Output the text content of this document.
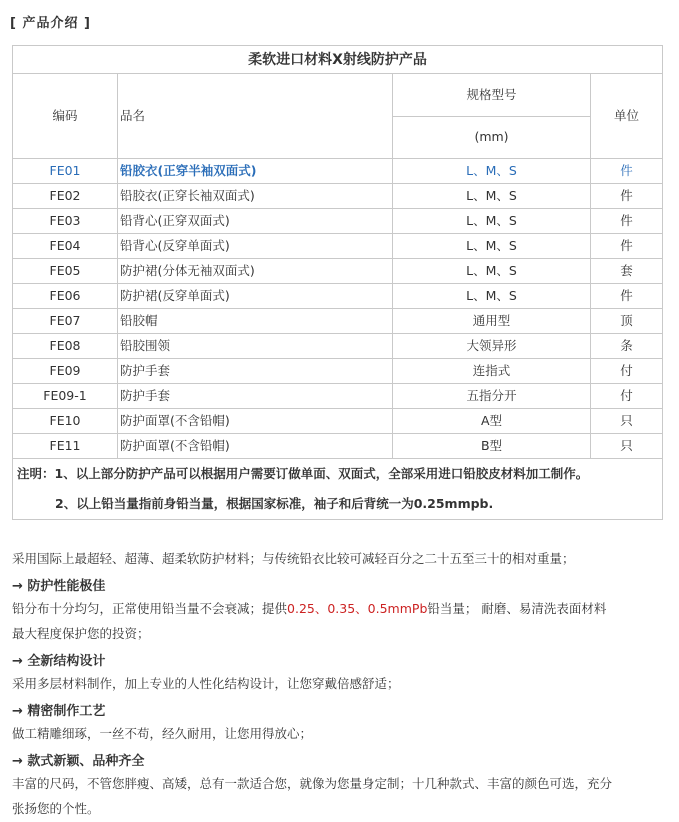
[ 产品介绍 ]
柔软进口材料X射线防护产品			
编码	品名	规格型号	单位
		(mm)	
FE01	铅胶衣(正穿半袖双面式)	L、M、S	件
FE02	铅胶衣(正穿长袖双面式)	L、M、S	件
FE03	铅背心(正穿双面式)	L、M、S	件
FE04	铅背心(反穿单面式)	L、M、S	件
FE05	防护裙(分体无袖双面式)	L、M、S	套
FE06	防护裙(反穿单面式)	L、M、S	件
FE07	铅胶帽	通用型	顶
FE08	铅胶围领	大领异形	条
FE09	防护手套	连指式	付
FE09-1	防护手套	五指分开	付
FE10	防护面罩(不含铅帽)	A型	只
FE11	防护面罩(不含铅帽)	B型	只
注明：1、以上部分防护产品可以根据用户需要订做单面、双面式，全部采用进口铅胶皮材料加工制作。			
2、以上铅当量指前身铅当量，根据国家标准，袖子和后背统一为0.25mmpb.			
采用国际上最超轻、超薄、超柔软防护材料；与传统铅衣比较可减轻百分之二十五至三十的相对重量；
→ 防护性能极佳
铅分布十分均匀，正常使用铅当量不会衰减；提供0.25、0.35、0.5mmPb铅当量； 耐磨、易清洗表面材料
最大程度保护您的投资；
→ 全新结构设计
采用多层材料制作，加上专业的人性化结构设计，让您穿戴倍感舒适；
→ 精密制作工艺
做工精雕细琢，一丝不苟，经久耐用，让您用得放心；
→ 款式新颖、品种齐全
丰富的尺码，不管您胖瘦、高矮，总有一款适合您，就像为您量身定制；十几种款式、丰富的颜色可选，充分
张扬您的个性。
